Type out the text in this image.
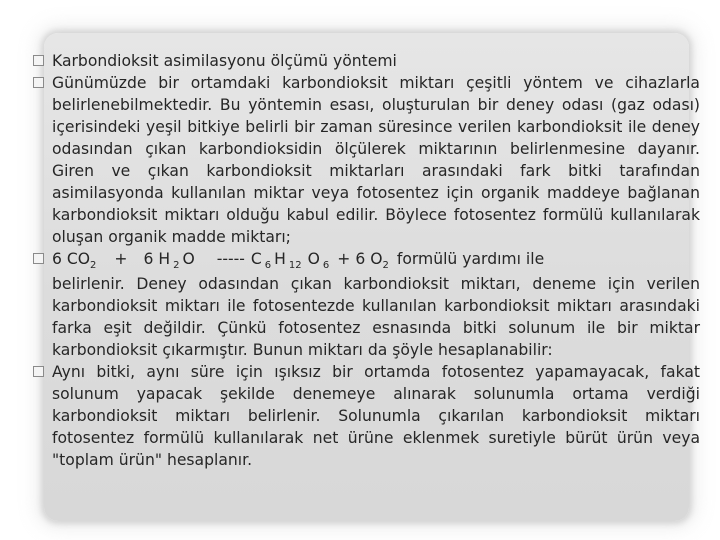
Karbondioksit asimilasyonu ölçümü yöntemi
Günümüzde bir ortamdaki karbondioksit miktarı çeşitli yöntem ve cihazlarla belirlenebilmektedir. Bu yöntemin esası, oluşturulan bir deney odası (gaz odası) içerisindeki yeşil bitkiye belirli bir zaman süresince verilen karbondioksit ile deney odasından çıkan karbondioksidin ölçülerek miktarının belirlenmesine dayanır. Giren ve çıkan karbondioksit miktarları arasındaki fark bitki tarafından asimilasyonda kullanılan miktar veya fotosentez için organik maddeye bağlanan karbondioksit miktarı olduğu kabul edilir. Böylece fotosentez formülü kullanılarak oluşan organik madde miktarı;
6 $CO_2 + 6$ H $_2$ O ----- C $_6$ H $_{12}$ O $_6$ + 6 $O_2$ formülü yardımı ile
belirlenir. Deney odasından çıkan karbondioksit miktarı, deneme için verilen karbondioksit miktarı ile fotosentezde kullanılan karbondioksit miktarı arasındaki farka eşit değildir. Çünkü fotosentez esnasında bitki solunum ile bir miktar karbondioksit çıkarmıştır. Bunun miktarı da şöyle hesaplanabilir:
Aynı bitki, aynı süre için ışıksız bir ortamda fotosentez yapamayacak, fakat solunum yapacak şekilde denemeye alınarak solunumla ortama verdiği karbondioksit miktarı belirlenir. Solunumla çıkarılan karbondioksit miktarı fotosentez formülü kullanılarak net ürüne eklenmek suretiyle bürüt ürün veya "toplam ürün" hesaplanır.
